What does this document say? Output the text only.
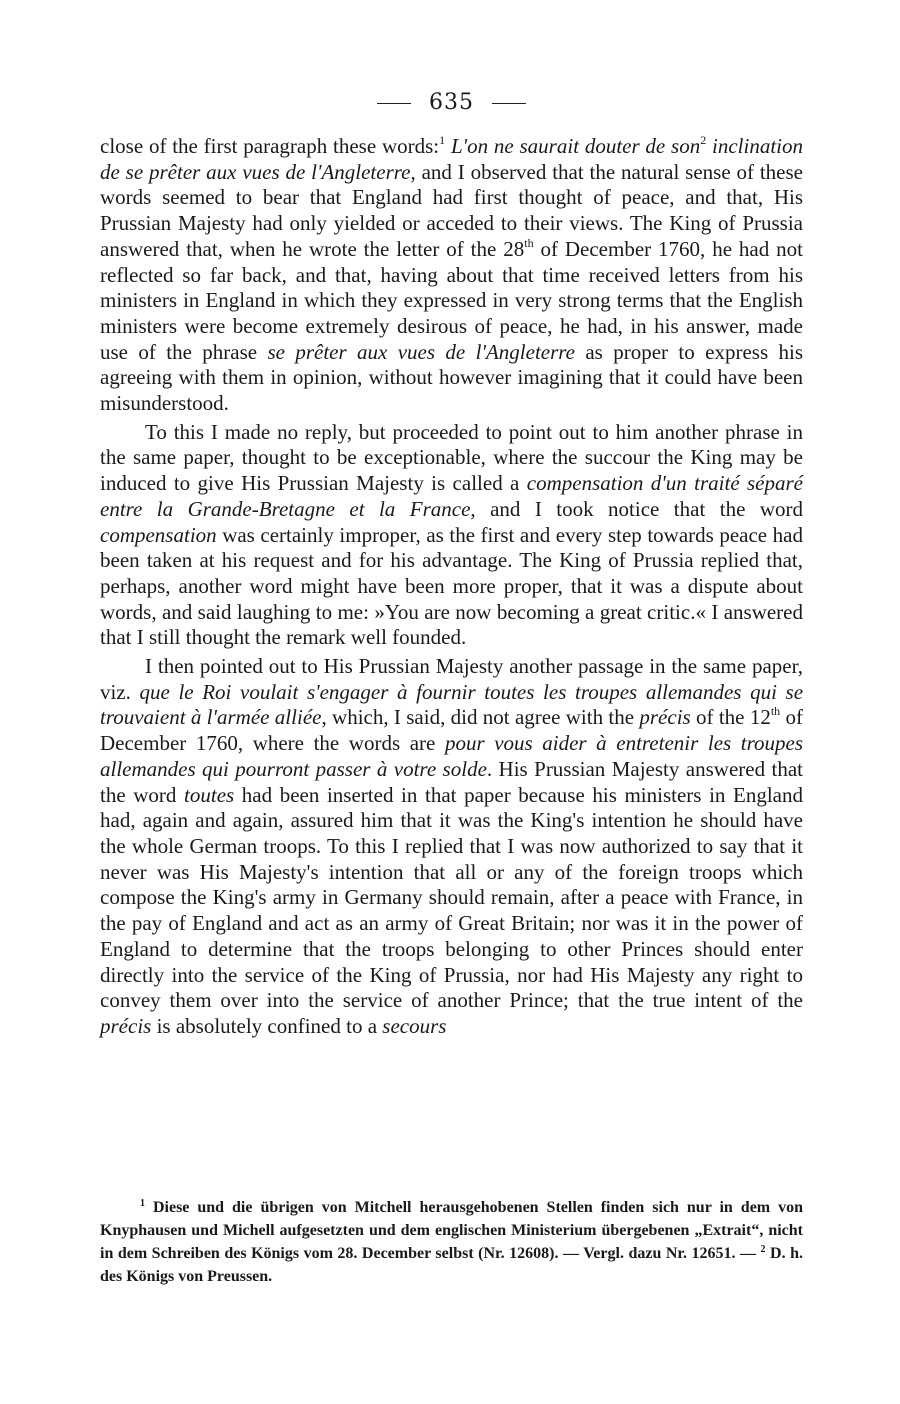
635

close of the first paragraph these words:$^1$ L'on ne saurait douter de son$^2$ inclination de se prêter aux vues de l'Angleterre, and I observed that the natural sense of these words seemed to bear that England had first thought of peace, and that, His Prussian Majesty had only yielded or acceded to their views. The King of Prussia answered that, when he wrote the letter of the 28th of December 1760, he had not reflected so far back, and that, having about that time received letters from his ministers in England in which they expressed in very strong terms that the English ministers were become extremely desirous of peace, he had, in his answer, made use of the phrase se prêter aux vues de l'Angleterre as proper to express his agreeing with them in opinion, without however imagining that it could have been misunderstood.

To this I made no reply, but proceeded to point out to him another phrase in the same paper, thought to be exceptionable, where the succour the King may be induced to give His Prussian Majesty is called a compensation d'un traité séparé entre la Grande-Bretagne et la France, and I took notice that the word compensation was certainly improper, as the first and every step towards peace had been taken at his request and for his advantage. The King of Prussia replied that, perhaps, another word might have been more proper, that it was a dispute about words, and said laughing to me: »You are now becoming a great critic.« I answered that I still thought the remark well founded.

I then pointed out to His Prussian Majesty another passage in the same paper, viz. que le Roi voulait s'engager à fournir toutes les troupes allemandes qui se trouvaient à l'armée alliée, which, I said, did not agree with the précis of the 12th of December 1760, where the words are pour vous aider à entretenir les troupes allemandes qui pourront passer à votre solde. His Prussian Majesty answered that the word toutes had been inserted in that paper because his ministers in England had, again and again, assured him that it was the King's intention he should have the whole German troops. To this I replied that I was now authorized to say that it never was His Majesty's intention that all or any of the foreign troops which compose the King's army in Germany should remain, after a peace with France, in the pay of England and act as an army of Great Britain; nor was it in the power of England to determine that the troops belonging to other Princes should enter directly into the service of the King of Prussia, nor had His Majesty any right to convey them over into the service of another Prince; that the true intent of the précis is absolutely confined to a secours

$^1$ Diese und die übrigen von Mitchell herausgehobenen Stellen finden sich nur in dem von Knyphausen und Michell aufgesetzten und dem englischen Ministerium übergebenen „Extrait“, nicht in dem Schreiben des Königs vom 28. December selbst (Nr. 12608). — Vergl. dazu Nr. 12651. — $^2$ D. h. des Königs von Preussen.
